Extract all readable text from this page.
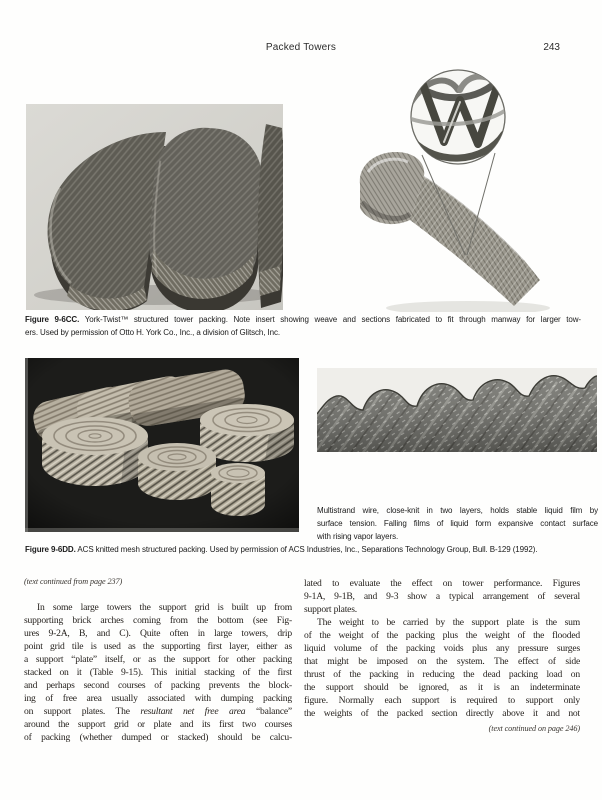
Packed Towers	243
Figure 9-6CC. York-Twist™ structured tower packing. Note insert showing weave and sections fabricated to fit through manway for larger tow-
ers. Used by permission of Otto H. York Co., Inc., a division of Glitsch, Inc.
Multistrand wire, close-knit in two layers, holds stable liquid film by
surface tension. Falling films of liquid form expansive contact surface
with rising vapor layers.
Figure 9-6DD. ACS knitted mesh structured packing. Used by permission of ACS Industries, Inc., Separations Technology Group, Bull. B-129 (1992).
(text continued from page 237)
In some large towers the support grid is built up from
supporting brick arches coming from the bottom (see Fig-
ures 9-2A, B, and C). Quite often in large towers, drip
point grid tile is used as the supporting first layer, either as
a support “plate” itself, or as the support for other packing
stacked on it (Table 9-15). This initial stacking of the first
and perhaps second courses of packing prevents the block-
ing of free area usually associated with dumping packing
on support plates. The resultant net free area “balance”
around the support grid or plate and its first two courses
of packing (whether dumped or stacked) should be calcu-
lated to evaluate the effect on tower performance. Figures
9-1A, 9-1B, and 9-3 show a typical arrangement of several
support plates.
The weight to be carried by the support plate is the sum
of the weight of the packing plus the weight of the flooded
liquid volume of the packing voids plus any pressure surges
that might be imposed on the system. The effect of side
thrust of the packing in reducing the dead packing load on
the support should be ignored, as it is an indeterminate
figure. Normally each support is required to support only
the weights of the packed section directly above it and not
(text continued on page 246)
